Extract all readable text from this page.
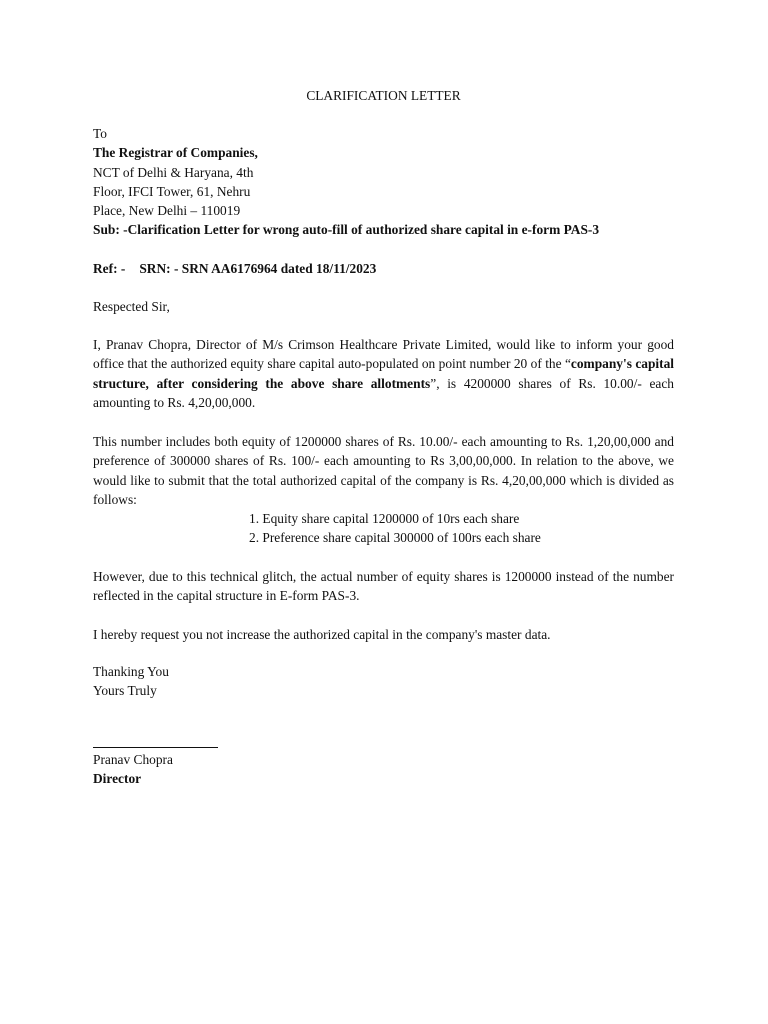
CLARIFICATION LETTER
To
The Registrar of Companies,
NCT of Delhi & Haryana, 4th
Floor, IFCI Tower, 61, Nehru
Place, New Delhi – 110019
Sub: -Clarification Letter for wrong auto-fill of authorized share capital in e-form PAS-3
Ref: - SRN: - SRN AA6176964 dated 18/11/2023
Respected Sir,
I, Pranav Chopra, Director of M/s Crimson Healthcare Private Limited, would like to inform your good office that the authorized equity share capital auto-populated on point number 20 of the “company's capital structure, after considering the above share allotments”, is 4200000 shares of Rs. 10.00/- each amounting to Rs. 4,20,00,000.
This number includes both equity of 1200000 shares of Rs. 10.00/- each amounting to Rs. 1,20,00,000 and preference of 300000 shares of Rs. 100/- each amounting to Rs 3,00,00,000. In relation to the above, we would like to submit that the total authorized capital of the company is Rs. 4,20,00,000 which is divided as follows:
1. Equity share capital 1200000 of 10rs each share
2. Preference share capital 300000 of 100rs each share
However, due to this technical glitch, the actual number of equity shares is 1200000 instead of the number reflected in the capital structure in E-form PAS-3.
I hereby request you not increase the authorized capital in the company's master data.
Thanking You
Yours Truly
Pranav Chopra
Director
